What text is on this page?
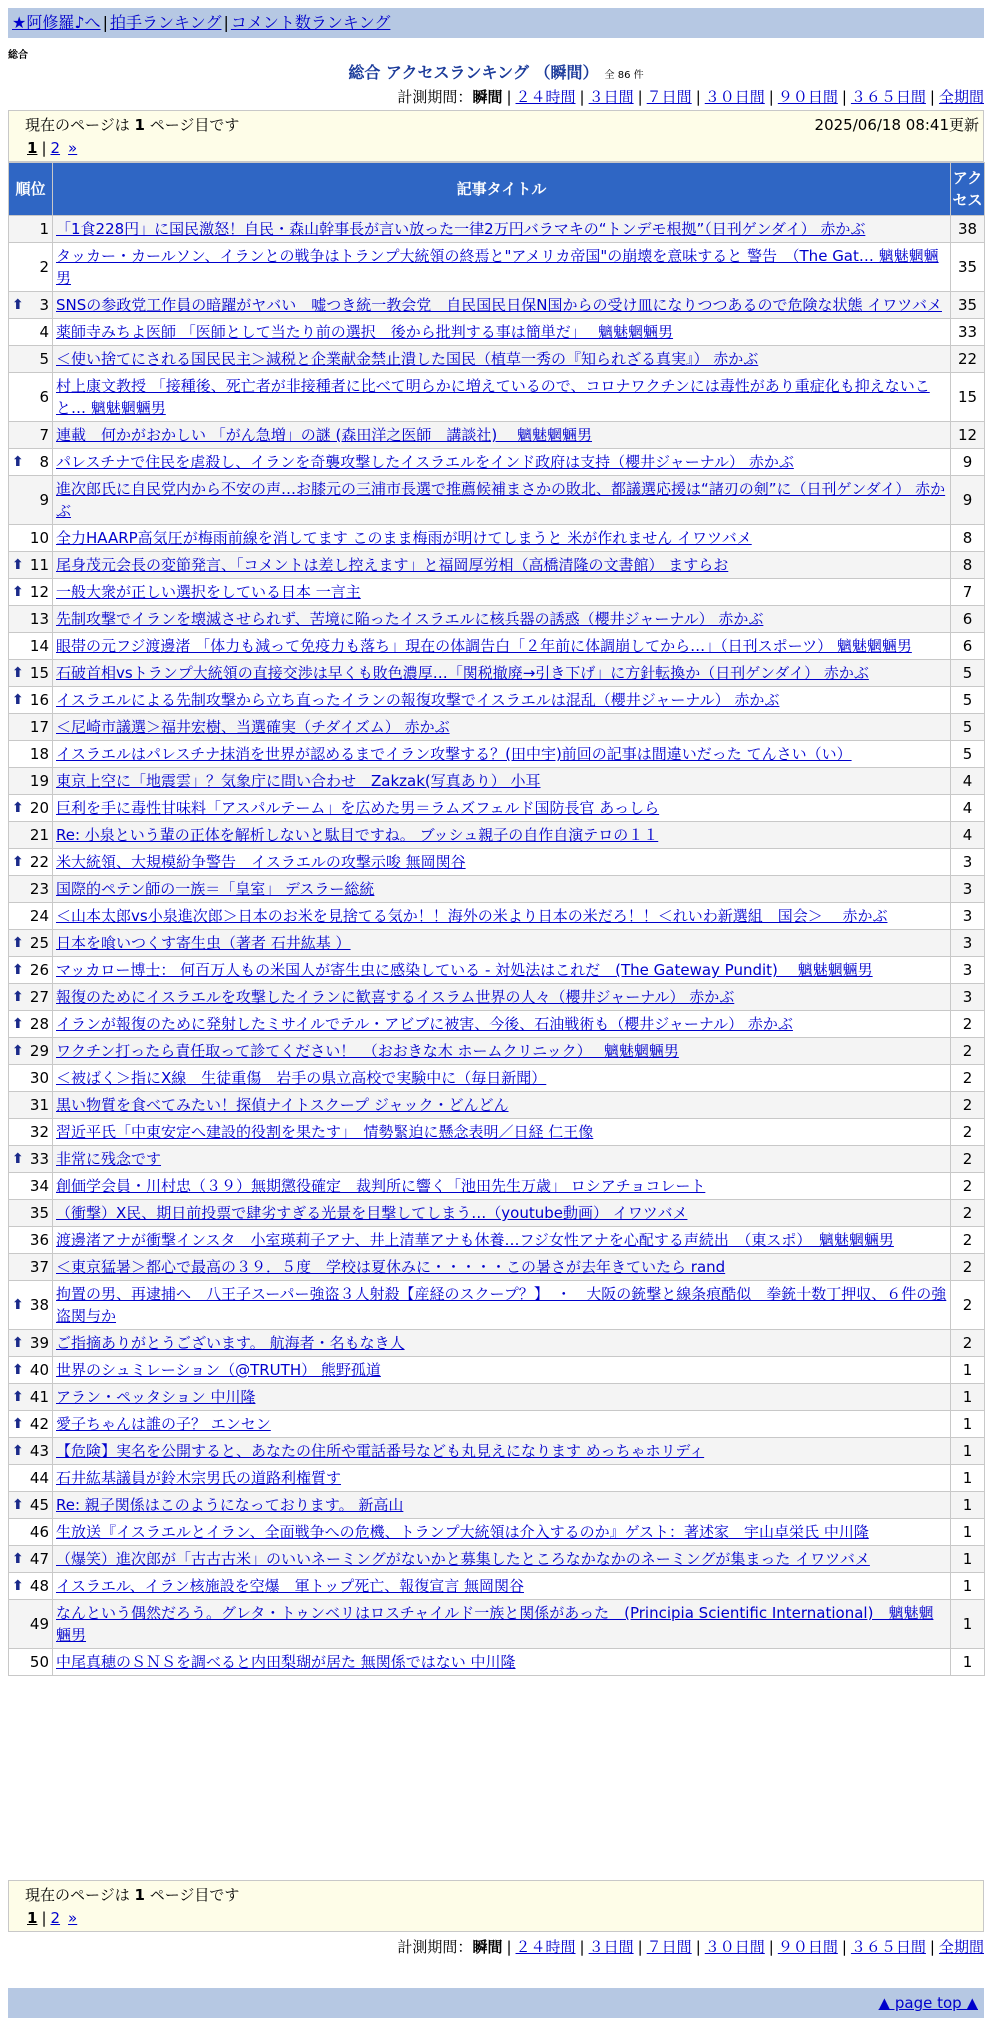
★阿修羅♪へ | 拍手ランキング | コメント数ランキング
総合
総合 アクセスランキング （瞬間） 全 86 件
計測期間：瞬間 | ２４時間 | ３日間 | ７日間 | ３０日間 | ９０日間 | ３６５日間 | 全期間
現在のページは 1 ページ目です	2025/06/18 08:41更新
1 | 2 »
順位	記事タイトル	アクセス
1	「1食228円」に国民激怒！自民・森山幹事長が言い放った一律2万円バラマキの“トンデモ根拠”（日刊ゲンダイ） 赤かぶ	38
2	タッカー・カールソン、イランとの戦争はトランプ大統領の終焉と"アメリカ帝国"の崩壊を意味すると 警告　（The Gat… 魑魅魍魎男	35

⬆ 3	SNSの参政党工作員の暗躍がヤバい　嘘つき統一教会党　自民国民日保N国からの受け皿になりつつあるので危険な状態 イワツバメ	35
4	薬師寺みちよ医師 「医師として当たり前の選択　後から批判する事は簡単だ」　 魑魅魍魎男	33
5	＜使い捨てにされる国民民主＞減税と企業献金禁止潰した国民（植草一秀の『知られざる真実』） 赤かぶ	22
6	村上康文教授 「接種後、死亡者が非接種者に比べて明らかに増えているので、コロナワクチンには毒性があり重症化も抑えないこと… 魑魅魍魎男	15
7	連載　何かがおかしい 「がん急増」の謎 (森田洋之医師　講談社)　 魑魅魍魎男	12

⬆ 8	パレスチナで住民を虐殺し、イランを奇襲攻撃したイスラエルをインド政府は支持（櫻井ジャーナル） 赤かぶ	9
9	進次郎氏に自民党内から不安の声…お膝元の三浦市長選で推薦候補まさかの敗北、都議選応援は“諸刃の剣”に（日刊ゲンダイ） 赤かぶ	9
10	全力HAARP高気圧が梅雨前線を消してます このまま梅雨が明けてしまうと 米が作れません イワツバメ	8

⬆ 11	尾身茂元会長の変節発言、「コメントは差し控えます」と福岡厚労相（高橋清隆の文書館） ますらお	8

⬆ 12	一般大衆が正しい選択をしている日本 一言主	7
13	先制攻撃でイランを壊滅させられず、苦境に陥ったイスラエルに核兵器の誘惑（櫻井ジャーナル） 赤かぶ	6
14	眼帯の元フジ渡邊渚 「体力も減って免疫力も落ち」現在の体調告白「２年前に体調崩してから…」（日刊スポーツ） 魑魅魍魎男	6

⬆ 15	石破首相vsトランプ大統領の直接交渉は早くも敗色濃厚…「関税撤廃→引き下げ」に方針転換か（日刊ゲンダイ） 赤かぶ	5

⬆ 16	イスラエルによる先制攻撃から立ち直ったイランの報復攻撃でイスラエルは混乱（櫻井ジャーナル） 赤かぶ	5
17	＜尼崎市議選＞福井宏樹、当選確実（チダイズム） 赤かぶ	5
18	イスラエルはパレスチナ抹消を世界が認めるまでイラン攻撃する？(田中宇)前回の記事は間違いだった てんさい（い）	5
19	東京上空に「地震雲」？気象庁に問い合わせ　Zakzak(写真あり） 小耳	4

⬆ 20	巨利を手に毒性甘味料「アスパルテーム」を広めた男＝ラムズフェルド国防長官 あっしら	4
21	Re: 小泉という輩の正体を解析しないと駄目ですね。 ブッシュ親子の自作自演テロの１１	4

⬆ 22	米大統領、大規模紛争警告　イスラエルの攻撃示唆 無岡関谷	3
23	国際的ペテン師の一族＝「皇室」 デスラー総統	3
24	＜山本太郎vs小泉進次郎＞日本のお米を見捨てる気か！！海外の米より日本の米だろ！！＜れいわ新選組　国会＞　 赤かぶ	3

⬆ 25	日本を喰いつくす寄生虫（著者 石井紘基 ）	3

⬆ 26	マッカロー博士： 何百万人もの米国人が寄生虫に感染している - 対処法はこれだ　(The Gateway Pundit)　 魑魅魍魎男	3

⬆ 27	報復のためにイスラエルを攻撃したイランに歓喜するイスラム世界の人々（櫻井ジャーナル） 赤かぶ	3

⬆ 28	イランが報復のために発射したミサイルでテル・アビブに被害、今後、石油戦術も（櫻井ジャーナル） 赤かぶ	2

⬆ 29	ワクチン打ったら責任取って診てください！　（おおきな木 ホームクリニック）　 魑魅魍魎男	2
30	＜被ばく＞指にX線　生徒重傷　岩手の県立高校で実験中に（毎日新聞）	2
31	黒い物質を食べてみたい！探偵ナイトスクープ ジャック・どんどん	2
32	習近平氏「中東安定へ建設的役割を果たす」　情勢緊迫に懸念表明／日経 仁王像	2

⬆ 33	非常に残念です	2
34	創価学会員・川村忠（３９）無期懲役確定　裁判所に響く「池田先生万歳」 ロシアチョコレート	2
35	（衝撃）X民、期日前投票で肆劣すぎる光景を目撃してしまう…（youtube動画） イワツバメ	2
36	渡邊渚アナが衝撃インスタ　小室瑛莉子アナ、井上清華アナも休養…フジ女性アナを心配する声続出　（東スポ）　魑魅魍魎男	2
37	＜東京猛暑＞都心で最高の３９．５度　学校は夏休みに・・・・・この暑さが去年きていたら rand	2

⬆ 38	拘置の男、再逮捕へ　八王子スーパー強盗３人射殺【産経のスクープ？】　・　大阪の銃撃と線条痕酷似　拳銃十数丁押収、６件の強盗関与か	2

⬆ 39	ご指摘ありがとうございます。 航海者・名もなき人	2

⬆ 40	世界のシュミレーション（@TRUTH） 熊野孤道	1

⬆ 41	アラン・ペッタション 中川隆	1

⬆ 42	愛子ちゃんは誰の子？ エンセン	1

⬆ 43	【危険】実名を公開すると、あなたの住所や電話番号なども丸見えになります めっちゃホリディ	1
44	石井紘基議員が鈴木宗男氏の道路利権質す	1

⬆ 45	Re: 親子関係はこのようになっております。 新高山	1
46	生放送『イスラエルとイラン、全面戦争への危機、トランプ大統領は介入するのか』ゲスト：著述家　宇山卓栄氏 中川隆	1

⬆ 47	（爆笑）進次郎が「古古古米」のいいネーミングがないかと募集したところなかなかのネーミングが集まった イワツバメ	1

⬆ 48	イスラエル、イラン核施設を空爆　軍トップ死亡、報復宣言 無岡関谷	1
49	なんという偶然だろう。グレタ・トゥンベリはロスチャイルド一族と関係があった　(Principia Scientific International)　魑魅魍魎男	1
50	中尾真穂のＳＮＳを調べると内田梨瑚が居た 無関係ではない 中川隆	1
現在のページは 1 ページ目です
1 | 2 »
計測期間：瞬間 | ２４時間 | ３日間 | ７日間 | ３０日間 | ９０日間 | ３６５日間 | 全期間
▲ page top ▲
